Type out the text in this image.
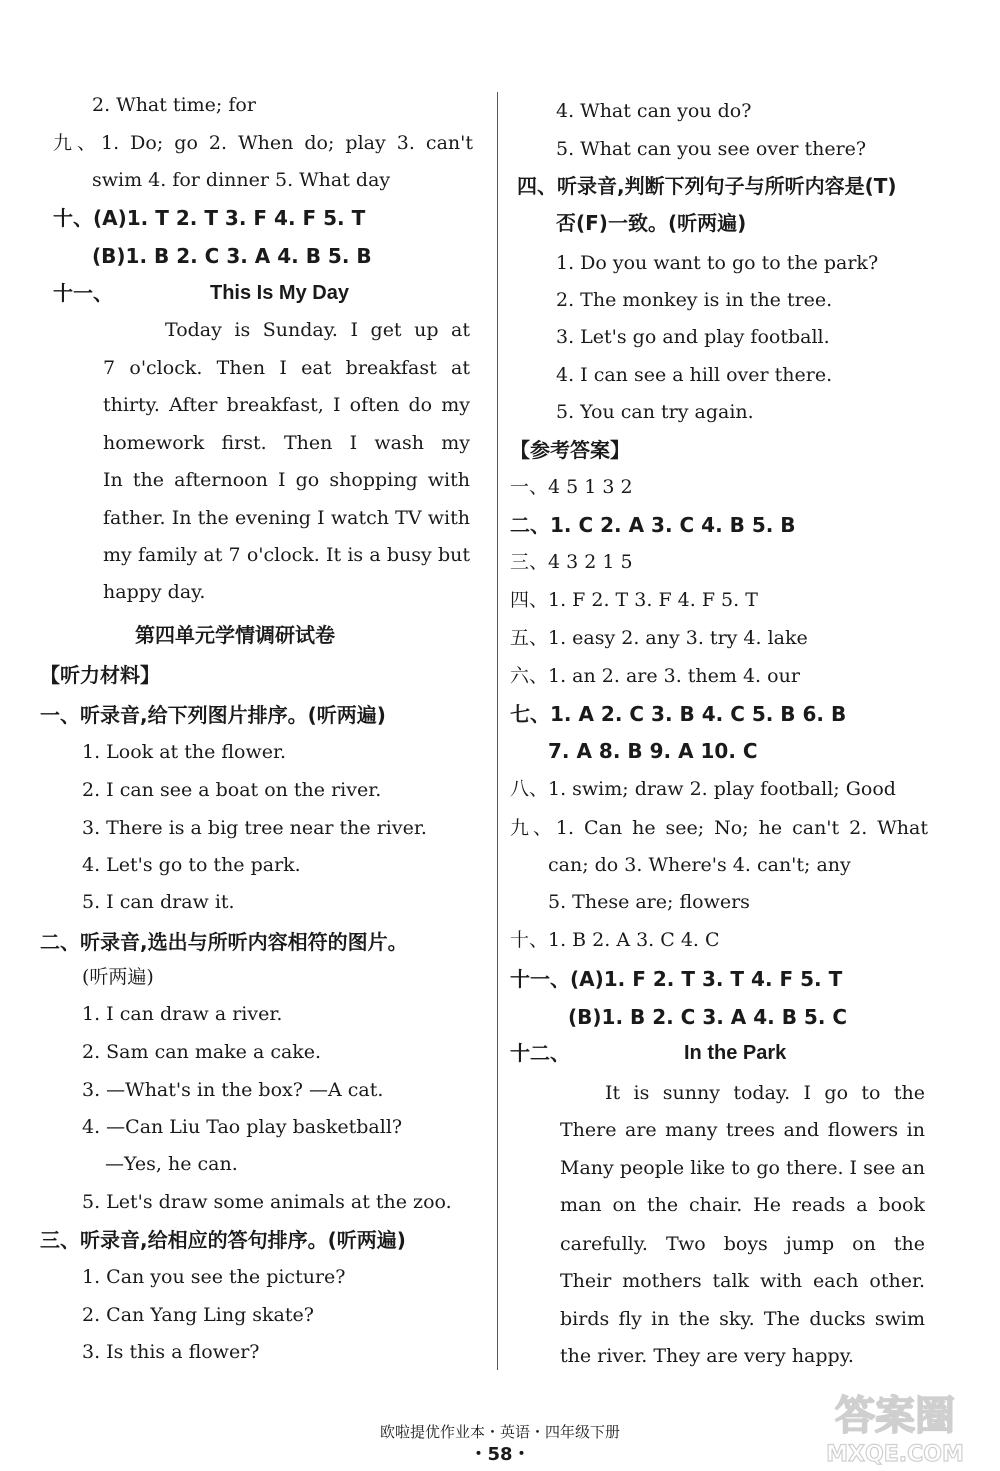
2. What time; for
九、1. Do; go 2. When do; play 3. can't
swim 4. for dinner 5. What day
十、(A)1. T 2. T 3. F 4. F 5. T
(B)1. B 2. C 3. A 4. B 5. B
十一、
Today is Sunday. I get up at
7 o'clock. Then I eat breakfast at
thirty. After breakfast, I often do my
homework first. Then I wash my
In the afternoon I go shopping with
father. In the evening I watch TV with
my family at 7 o'clock. It is a busy but
happy day.
第四单元学情调研试卷
【听力材料】
一、听录音,给下列图片排序。(听两遍)
1. Look at the flower.
2. I can see a boat on the river.
3. There is a big tree near the river.
4. Let's go to the park.
5. I can draw it.
二、听录音,选出与所听内容相符的图片。
(听两遍)
1. I can draw a river.
2. Sam can make a cake.
3. —What's in the box? —A cat.
4. —Can Liu Tao play basketball?
—Yes, he can.
5. Let's draw some animals at the zoo.
三、听录音,给相应的答句排序。(听两遍)
1. Can you see the picture?
2. Can Yang Ling skate?
3. Is this a flower?
This Is My Day
4. What can you do?
5. What can you see over there?
四、听录音,判断下列句子与所听内容是(T)
否(F)一致。(听两遍)
1. Do you want to go to the park?
2. The monkey is in the tree.
3. Let's go and play football.
4. I can see a hill over there.
5. You can try again.
【参考答案】
一、4 5 1 3 2
二、1. C 2. A 3. C 4. B 5. B
三、4 3 2 1 5
四、1. F 2. T 3. F 4. F 5. T
五、1. easy 2. any 3. try 4. lake
六、1. an 2. are 3. them 4. our
七、1. A 2. C 3. B 4. C 5. B 6. B
7. A 8. B 9. A 10. C
八、1. swim; draw 2. play football; Good
九、1. Can he see; No; he can't 2. What
can; do 3. Where's 4. can't; any
5. These are; flowers
十、1. B 2. A 3. C 4. C
十一、(A)1. F 2. T 3. T 4. F 5. T
(B)1. B 2. C 3. A 4. B 5. C
十二、
It is sunny today. I go to the
There are many trees and flowers in
Many people like to go there. I see an
man on the chair. He reads a book
carefully. Two boys jump on the
Their mothers talk with each other.
birds fly in the sky. The ducks swim
the river. They are very happy.
In the Park
欧啦提优作业本・英语・四年级下册
・58・
答案圈
MXQE.COM
